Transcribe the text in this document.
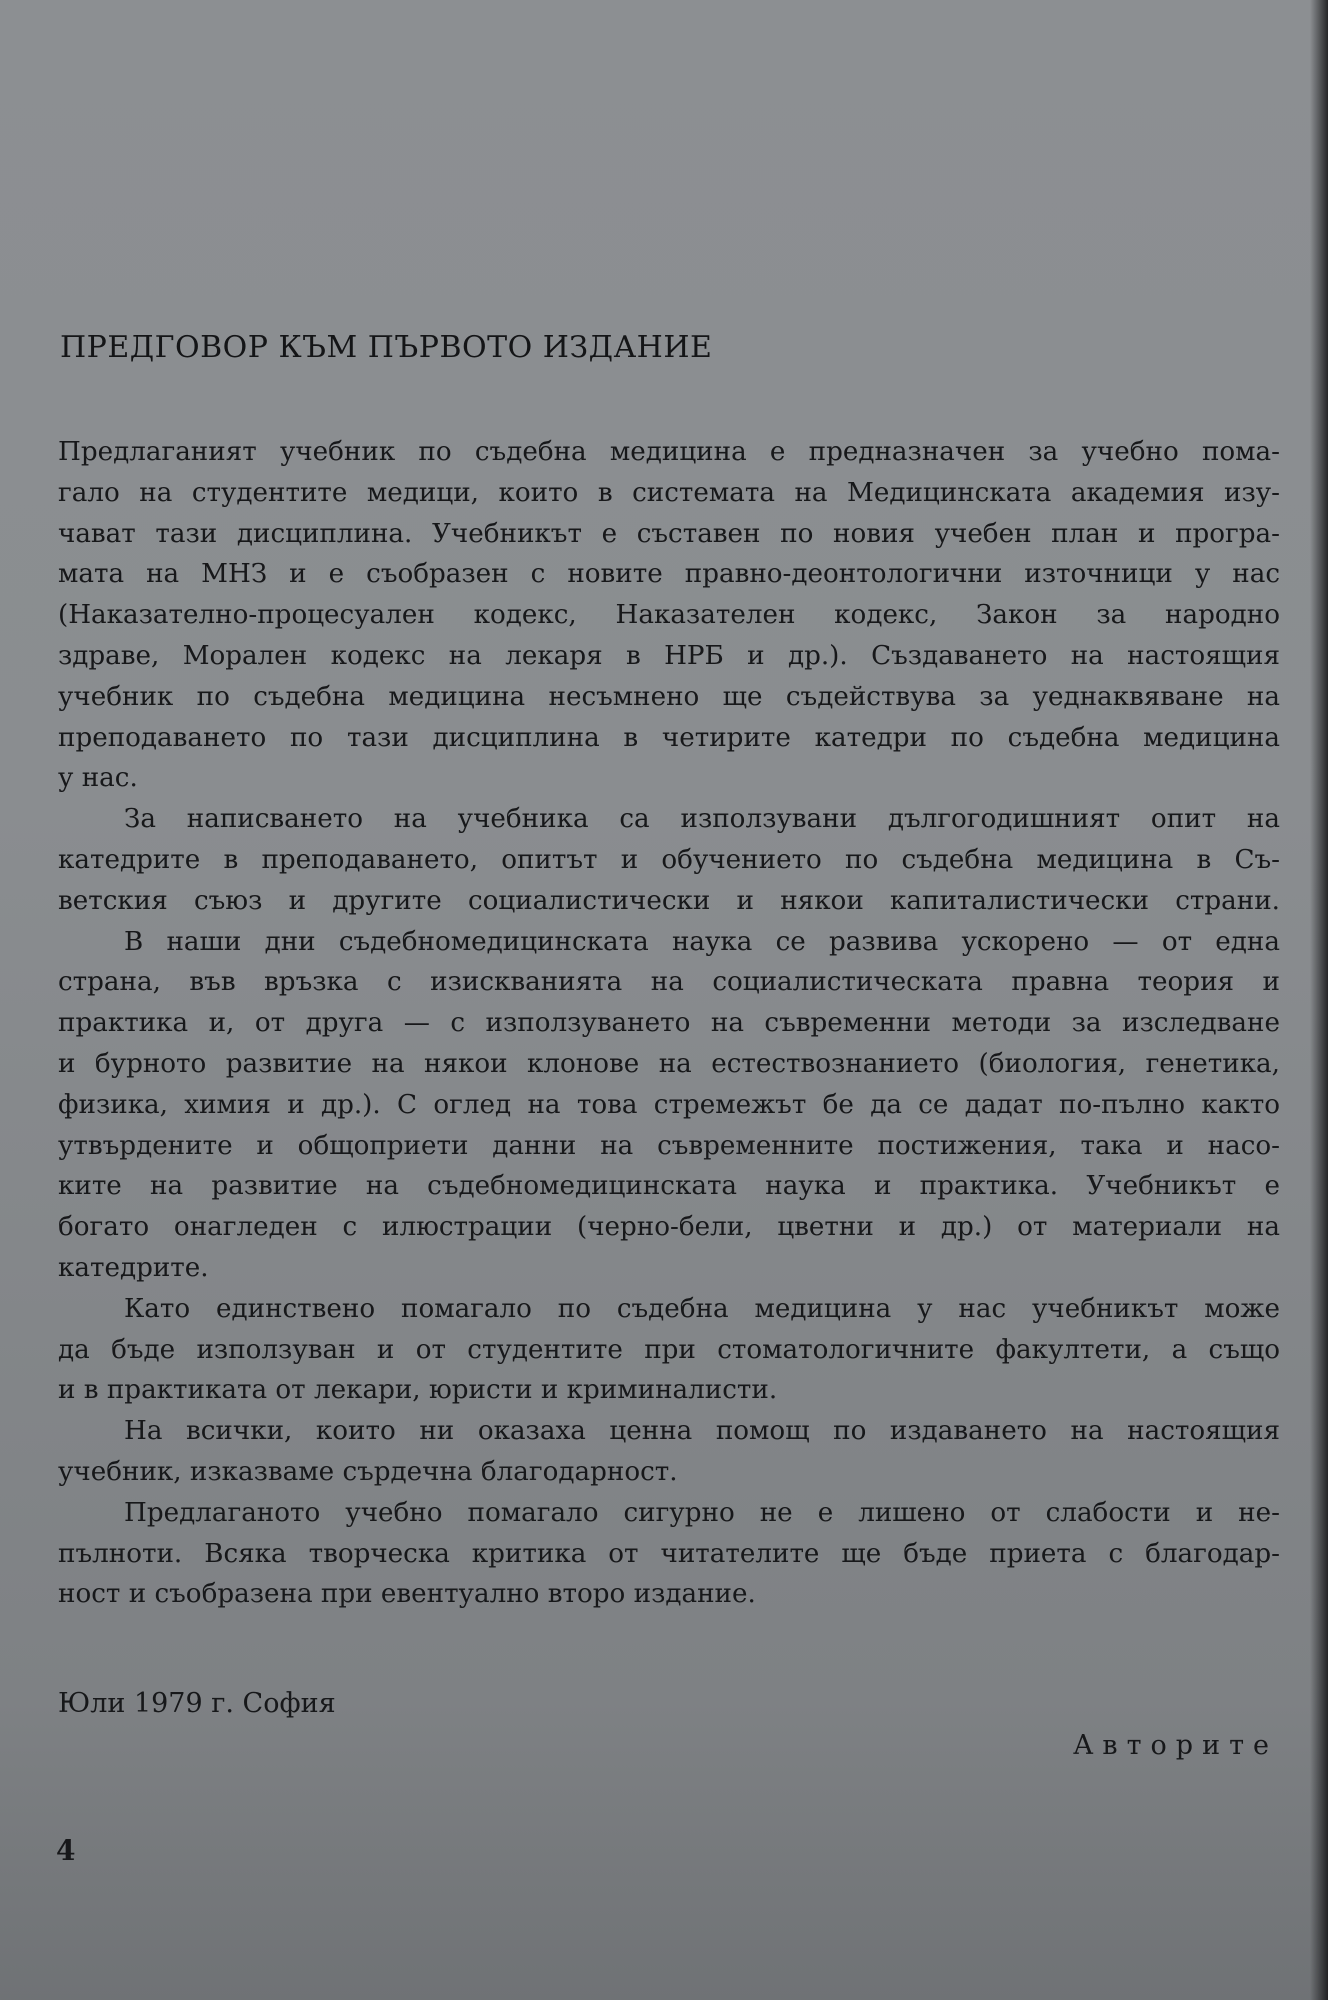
ПРЕДГОВОР КЪМ ПЪРВОТО ИЗДАНИЕ
Предлаганият учебник по съдебна медицина е предназначен за учебно пома-
гало на студентите медици, които в системата на Медицинската академия изу-
чават тази дисциплина. Учебникът е съставен по новия учебен план и програ-
мата на МНЗ и е съобразен с новите правно-деонтологични източници у нас
(Наказателно-процесуален кодекс, Наказателен кодекс, Закон за народно
здраве, Морален кодекс на лекаря в НРБ и др.). Създаването на настоящия
учебник по съдебна медицина несъмнено ще съдействува за уеднаквяване на
преподаването по тази дисциплина в четирите катедри по съдебна медицина
у нас.
За написването на учебника са използувани дългогодишният опит на
катедрите в преподаването, опитът и обучението по съдебна медицина в Съ-
ветския съюз и другите социалистически и някои капиталистически страни.
В наши дни съдебномедицинската наука се развива ускорено — от една
страна, във връзка с изискванията на социалистическата правна теория и
практика и, от друга — с използуването на съвременни методи за изследване
и бурното развитие на някои клонове на естествознанието (биология, генетика,
физика, химия и др.). С оглед на това стремежът бе да се дадат по-пълно както
утвърдените и общоприети данни на съвременните постижения, така и насо-
ките на развитие на съдебномедицинската наука и практика. Учебникът е
богато онагледен с илюстрации (черно-бели, цветни и др.) от материали на
катедрите.
Като единствено помагало по съдебна медицина у нас учебникът може
да бъде използуван и от студентите при стоматологичните факултети, а също
и в практиката от лекари, юристи и криминалисти.
На всички, които ни оказаха ценна помощ по издаването на настоящия
учебник, изказваме сърдечна благодарност.
Предлаганото учебно помагало сигурно не е лишено от слабости и не-
пълноти. Всяка творческа критика от читателите ще бъде приета с благодар-
ност и съобразена при евентуално второ издание.
Юли 1979 г. София
Авторите
4
